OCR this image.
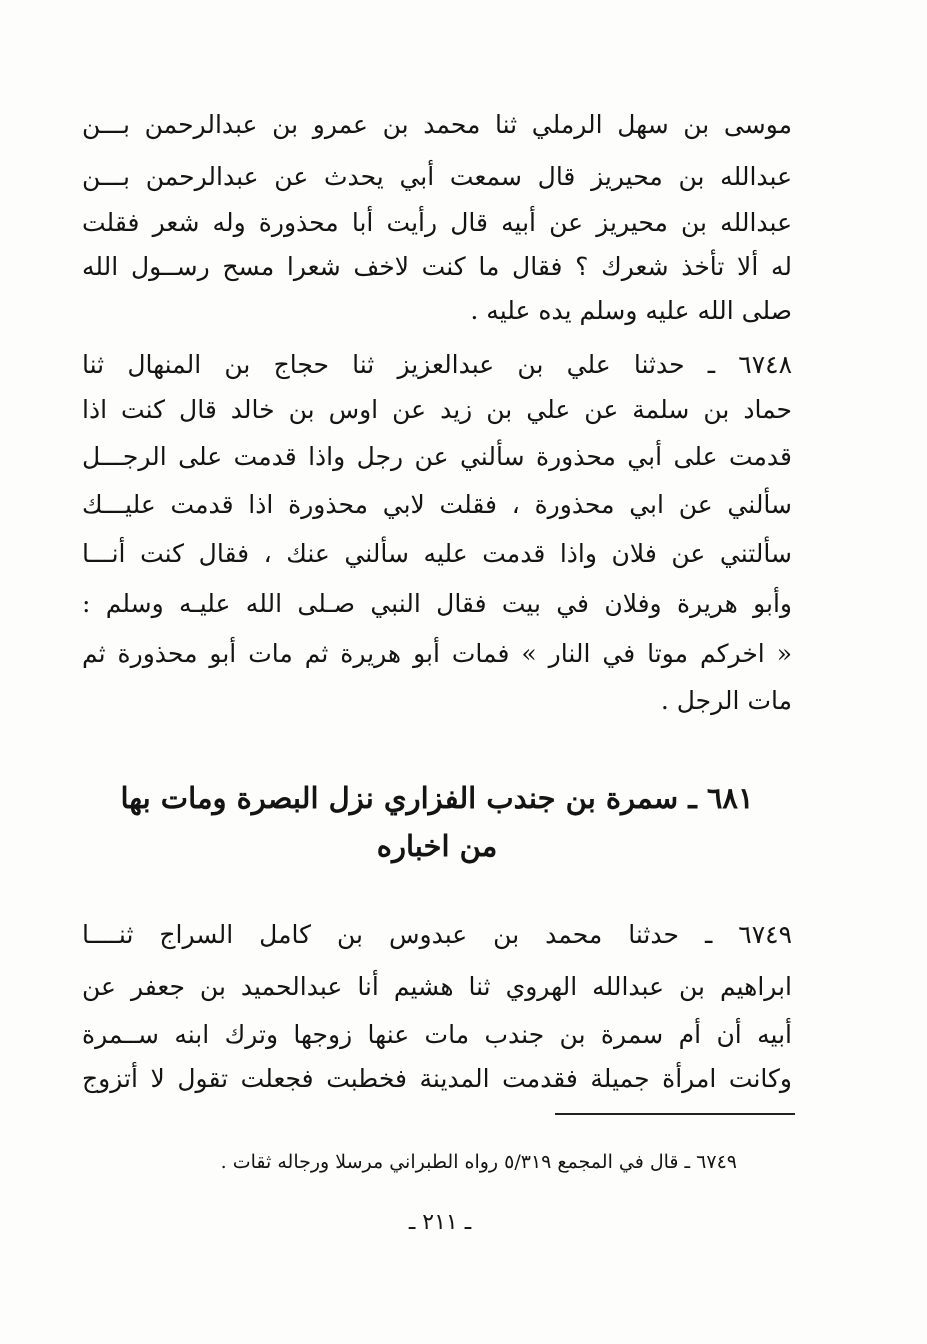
موسى بن سهل الرملي ثنا محمد بن عمرو بن عبدالرحمن بـــن
عبدالله بن محيريز قال سمعت أبي يحدث عن عبدالرحمن بـــن
عبدالله بن محيريز عن أبيه قال رأيت أبا محذورة وله شعر فقلت
له ألا تأخذ شعرك ؟ فقال ما كنت لاخف شعرا مسح رســول الله
صلى الله عليه وسلم يده عليه .
٦٧٤٨ ـ حدثنا علي بن عبدالعزيز ثنا حجاج بن المنهال ثنا
حماد بن سلمة عن علي بن زيد عن اوس بن خالد قال كنت اذا
قدمت على أبي محذورة سألني عن رجل واذا قدمت على الرجـــل
سألني عن ابي محذورة ، فقلت لابي محذورة اذا قدمت عليـــك
سألتني عن فلان واذا قدمت عليه سألني عنك ، فقال كنت أنـــا
وأبو هريرة وفلان في بيت فقال النبي صـلى الله عليـه وسلم :
« اخركم موتا في النار » فمات أبو هريرة ثم مات أبو محذورة ثم
مات الرجل .
٦٨١ ـ سمرة بن جندب الفزاري نزل البصرة ومات بها
من اخباره
٦٧٤٩ ـ حدثنا محمد بن عبدوس بن كامل السراج ثنــــا
ابراهيم بن عبدالله الهروي ثنا هشيم أنا عبدالحميد بن جعفر عن
أبيه أن أم سمرة بن جندب مات عنها زوجها وترك ابنه ســمرة
وكانت امرأة جميلة فقدمت المدينة فخطبت فجعلت تقول لا أتزوج
٦٧٤٩ ـ قال في المجمع ٥/٣١٩ رواه الطبراني مرسلا ورجاله ثقات .
ـ ٢١١ ـ
